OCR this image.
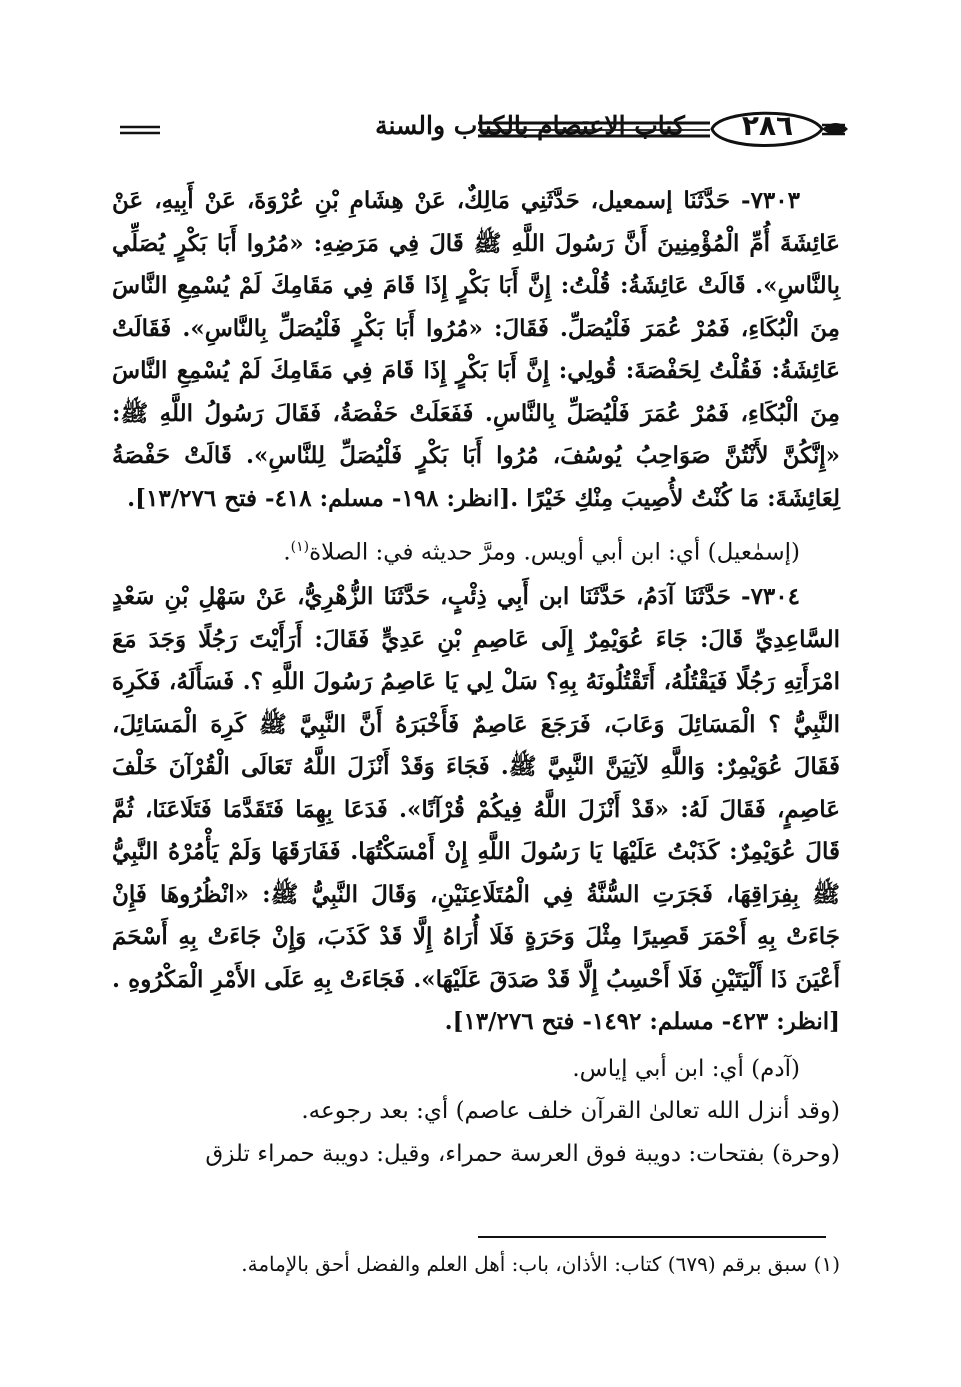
كتاب الاعتصام بالكتاب والسنة	٢٨٦

٧٣٠٣- حَدَّثَنَا إسمعيل، حَدَّثَنِي مَالِكٌ، عَنْ هِشَامِ بْنِ عُرْوَةَ، عَنْ أَبِيهِ، عَنْ عَائِشَةَ أُمِّ الْمُؤْمِنِينَ أَنَّ رَسُولَ اللَّهِ ﷺ قَالَ فِي مَرَضِهِ: «مُرُوا أَبَا بَكْرٍ يُصَلِّي بِالنَّاسِ». قَالَتْ عَائِشَةُ: قُلْتُ: إِنَّ أَبَا بَكْرٍ إِذَا قَامَ فِي مَقَامِكَ لَمْ يُسْمِعِ النَّاسَ مِنَ الْبُكَاءِ، فَمُرْ عُمَرَ فَلْيُصَلِّ. فَقَالَ: «مُرُوا أَبَا بَكْرٍ فَلْيُصَلِّ بِالنَّاسِ». فَقَالَتْ عَائِشَةُ: فَقُلْتُ لِحَفْصَةَ: قُولِي: إِنَّ أَبَا بَكْرٍ إِذَا قَامَ فِي مَقَامِكَ لَمْ يُسْمِعِ النَّاسَ مِنَ الْبُكَاءِ، فَمُرْ عُمَرَ فَلْيُصَلِّ بِالنَّاسِ. فَفَعَلَتْ حَفْصَةُ، فَقَالَ رَسُولُ اللَّهِ ﷺ: «إِنَّكُنَّ لأَنْتُنَّ صَوَاحِبُ يُوسُفَ، مُرُوا أَبَا بَكْرٍ فَلْيُصَلِّ لِلنَّاسِ». قَالَتْ حَفْصَةُ لِعَائِشَةَ: مَا كُنْتُ لأُصِيبَ مِنْكِ خَيْرًا .[انظر: ١٩٨- مسلم: ٤١٨- فتح ١٣/٢٧٦].

(إسمٰعيل) أي: ابن أبي أويس. ومرَّ حديثه في: الصلاة$^{(١)}$.

٧٣٠٤- حَدَّثَنَا آدَمُ، حَدَّثَنَا ابن أَبِي ذِئْبٍ، حَدَّثَنَا الزُّهْرِيُّ، عَنْ سَهْلِ بْنِ سَعْدٍ السَّاعِدِيِّ قَالَ: جَاءَ عُوَيْمِرٌ إِلَى عَاصِمِ بْنِ عَدِيٍّ فَقَالَ: أَرَأَيْتَ رَجُلًا وَجَدَ مَعَ امْرَأَتِهِ رَجُلًا فَيَقْتُلُهُ، أَتَقْتُلُونَهُ بِهِ؟ سَلْ لِي يَا عَاصِمُ رَسُولَ اللَّهِ ؟. فَسَأَلَهُ، فَكَرِهَ النَّبِيُّ ؟ الْمَسَائِلَ وَعَابَ، فَرَجَعَ عَاصِمٌ فَأَخْبَرَهُ أَنَّ النَّبِيَّ ﷺ كَرِهَ الْمَسَائِلَ، فَقَالَ عُوَيْمِرٌ: وَاللَّهِ لآتِيَنَّ النَّبِيَّ ﷺ. فَجَاءَ وَقَدْ أَنْزَلَ اللَّهُ تَعَالَى الْقُرْآنَ خَلْفَ عَاصِمٍ، فَقَالَ لَهُ: «قَدْ أَنْزَلَ اللَّهُ فِيكُمْ قُرْآنًا». فَدَعَا بِهِمَا فَتَقَدَّمَا فَتَلَاعَنَا، ثُمَّ قَالَ عُوَيْمِرٌ: كَذَبْتُ عَلَيْهَا يَا رَسُولَ اللَّهِ إِنْ أَمْسَكْتُهَا. فَفَارَقَهَا وَلَمْ يَأْمُرْهُ النَّبِيُّ ﷺ بِفِرَاقِهَا، فَجَرَتِ السُّنَّةُ فِي الْمُتَلَاعِنَيْنِ، وَقَالَ النَّبِيُّ ﷺ: «انْظُرُوهَا فَإِنْ جَاءَتْ بِهِ أَحْمَرَ قَصِيرًا مِثْلَ وَحَرَةٍ فَلَا أُرَاهُ إِلَّا قَدْ كَذَبَ، وَإِنْ جَاءَتْ بِهِ أَسْحَمَ أَعْيَنَ ذَا أَلْيَتَيْنِ فَلَا أَحْسِبُ إِلَّا قَدْ صَدَقَ عَلَيْهَا». فَجَاءَتْ بِهِ عَلَى الأَمْرِ الْمَكْرُوهِ .[انظر: ٤٢٣- مسلم: ١٤٩٢- فتح ١٣/٢٧٦].

(آدم) أي: ابن أبي إياس.

(وقد أنزل الله تعالىٰ القرآن خلف عاصم) أي: بعد رجوعه.

(وحرة) بفتحات: دويبة فوق العرسة حمراء، وقيل: دويبة حمراء تلزق

(١) سبق برقم (٦٧٩) كتاب: الأذان، باب: أهل العلم والفضل أحق بالإمامة.
